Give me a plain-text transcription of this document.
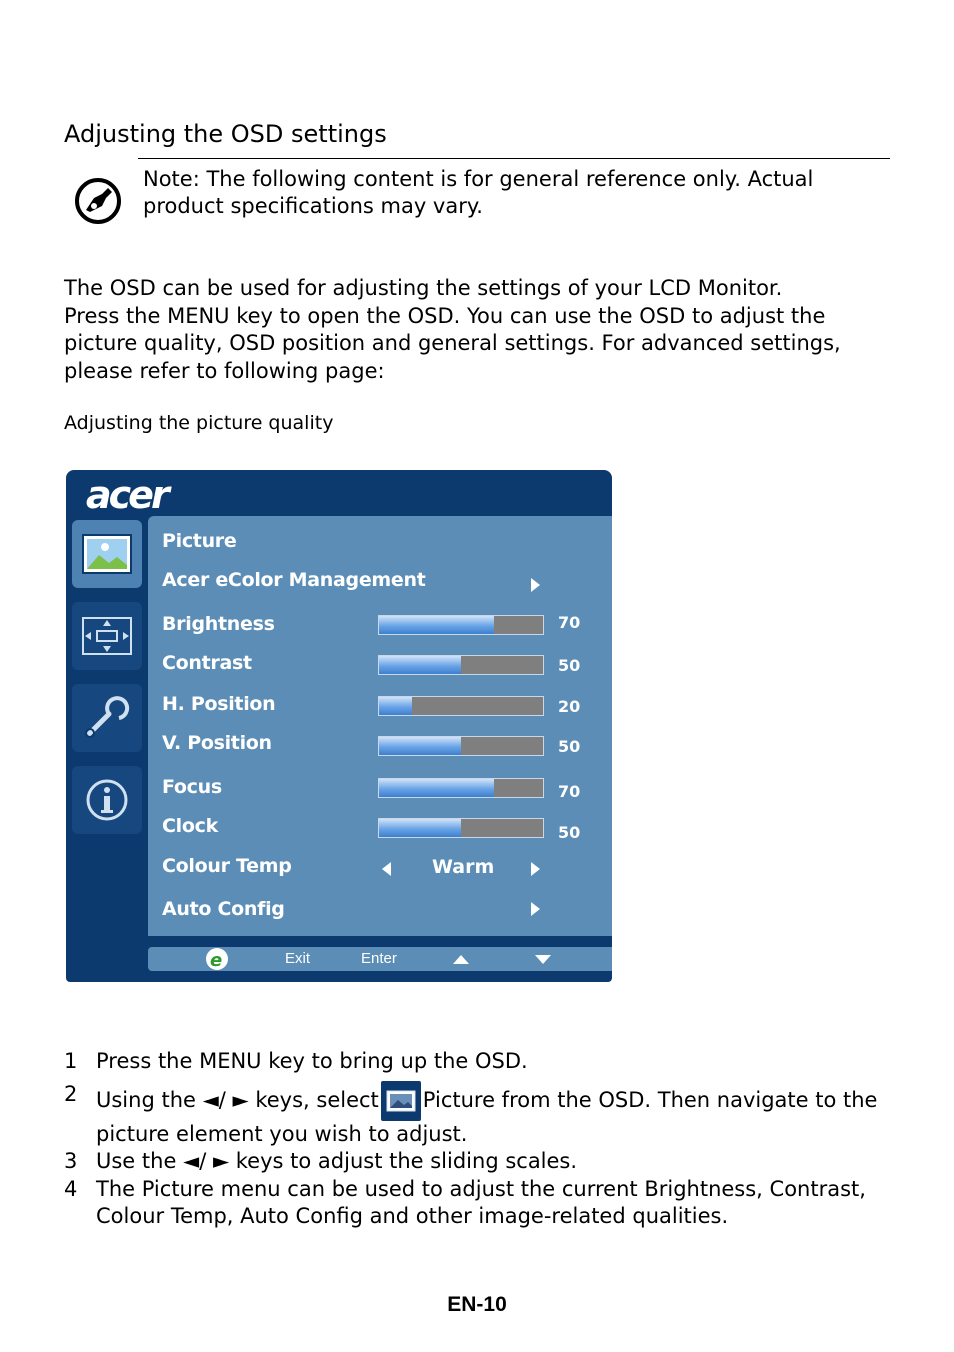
Adjusting the OSD settings
Note: The following content is for general reference only. Actual product specifications may vary.
The OSD can be used for adjusting the settings of your LCD Monitor.
Press the MENU key to open the OSD. You can use the OSD to adjust the
picture quality, OSD position and general settings. For advanced settings,
please refer to following page:
Adjusting the picture quality
acer
Picture
Acer eColor Management
Brightness	70
Contrast	50
H. Position	20
V. Position	50
Focus	70
Clock	50
Colour Temp	Warm
Auto Config
e	Exit	Enter
1 Press the MENU key to bring up the OSD.
2 Using the ◄/ ► keys, select Picture from the OSD. Then navigate to the
picture element you wish to adjust.
3 Use the ◄/ ► keys to adjust the sliding scales.
4 The Picture menu can be used to adjust the current Brightness, Contrast,
Colour Temp, Auto Config and other image-related qualities.
EN-10
